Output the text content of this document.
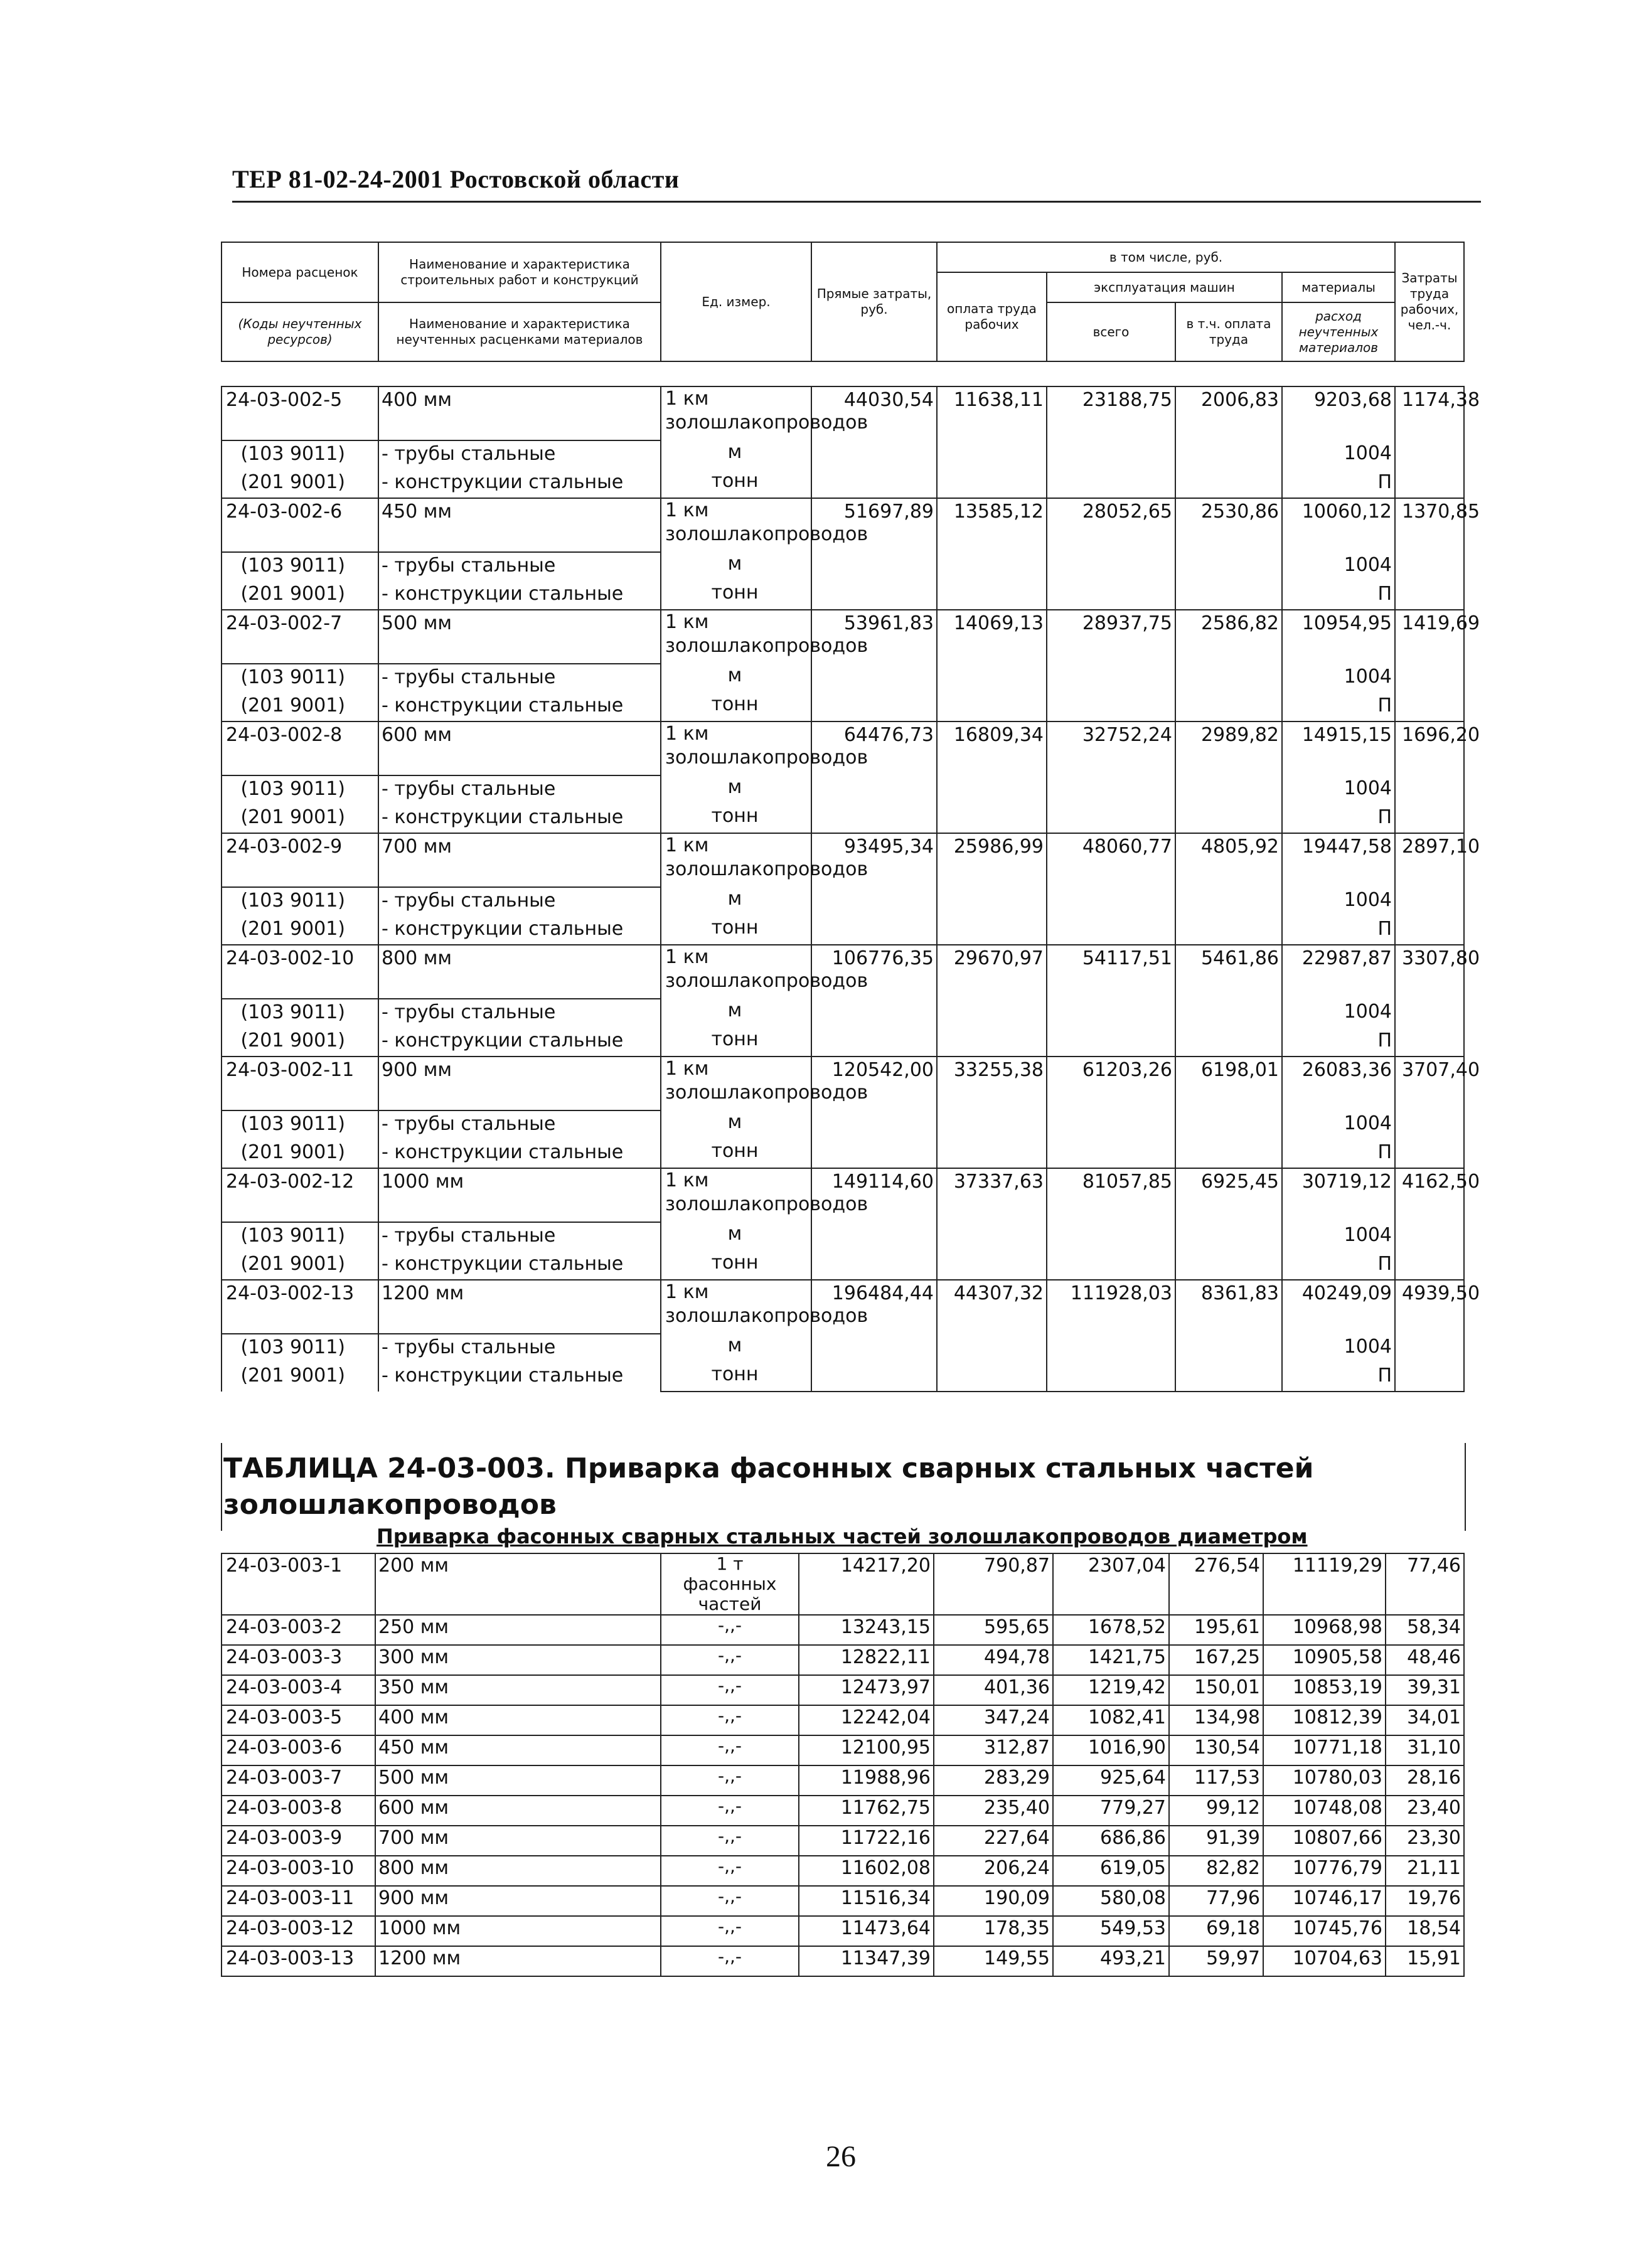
ТЕР 81-02-24-2001 Ростовской области
Номера расценок	Наименование и характеристика строительных работ и конструкций	Ед. измер.	Прямые затраты, руб.	в том числе, руб.				Затраты труда рабочих, чел.-ч.
				оплата труда рабочих	эксплуатация машин		материалы	
(Коды неучтенных ресурсов)	Наименование и характеристика неучтенных расценками материалов				всего	в т.ч. оплата труда	расход неучтенных материалов	

24-03-002-5	400 мм	1 км золошлакопроводов	44030,54	11638,11	23188,75	2006,83	9203,68	1174,38
(103 9011)	- трубы стальные	м					1004	
(201 9001)	- конструкции стальные	тонн					П	
24-03-002-6	450 мм	1 км золошлакопроводов	51697,89	13585,12	28052,65	2530,86	10060,12	1370,85
(103 9011)	- трубы стальные	м					1004	
(201 9001)	- конструкции стальные	тонн					П	
24-03-002-7	500 мм	1 км золошлакопроводов	53961,83	14069,13	28937,75	2586,82	10954,95	1419,69
(103 9011)	- трубы стальные	м					1004	
(201 9001)	- конструкции стальные	тонн					П	
24-03-002-8	600 мм	1 км золошлакопроводов	64476,73	16809,34	32752,24	2989,82	14915,15	1696,20
(103 9011)	- трубы стальные	м					1004	
(201 9001)	- конструкции стальные	тонн					П	
24-03-002-9	700 мм	1 км золошлакопроводов	93495,34	25986,99	48060,77	4805,92	19447,58	2897,10
(103 9011)	- трубы стальные	м					1004	
(201 9001)	- конструкции стальные	тонн					П	
24-03-002-10	800 мм	1 км золошлакопроводов	106776,35	29670,97	54117,51	5461,86	22987,87	3307,80
(103 9011)	- трубы стальные	м					1004	
(201 9001)	- конструкции стальные	тонн					П	
24-03-002-11	900 мм	1 км золошлакопроводов	120542,00	33255,38	61203,26	6198,01	26083,36	3707,40
(103 9011)	- трубы стальные	м					1004	
(201 9001)	- конструкции стальные	тонн					П	
24-03-002-12	1000 мм	1 км золошлакопроводов	149114,60	37337,63	81057,85	6925,45	30719,12	4162,50
(103 9011)	- трубы стальные	м					1004	
(201 9001)	- конструкции стальные	тонн					П	
24-03-002-13	1200 мм	1 км золошлакопроводов	196484,44	44307,32	111928,03	8361,83	40249,09	4939,50
(103 9011)	- трубы стальные	м					1004	
(201 9001)	- конструкции стальные	тонн					П	
ТАБЛИЦА 24-03-003. Приварка фасонных сварных стальных частей золошлакопроводов
Приварка фасонных сварных стальных частей золошлакопроводов диаметром
24-03-003-1	200 мм	1 т фасонных частей	14217,20	790,87	2307,04	276,54	11119,29	77,46
24-03-003-2	250 мм	-,,-	13243,15	595,65	1678,52	195,61	10968,98	58,34
24-03-003-3	300 мм	-,,-	12822,11	494,78	1421,75	167,25	10905,58	48,46
24-03-003-4	350 мм	-,,-	12473,97	401,36	1219,42	150,01	10853,19	39,31
24-03-003-5	400 мм	-,,-	12242,04	347,24	1082,41	134,98	10812,39	34,01
24-03-003-6	450 мм	-,,-	12100,95	312,87	1016,90	130,54	10771,18	31,10
24-03-003-7	500 мм	-,,-	11988,96	283,29	925,64	117,53	10780,03	28,16
24-03-003-8	600 мм	-,,-	11762,75	235,40	779,27	99,12	10748,08	23,40
24-03-003-9	700 мм	-,,-	11722,16	227,64	686,86	91,39	10807,66	23,30
24-03-003-10	800 мм	-,,-	11602,08	206,24	619,05	82,82	10776,79	21,11
24-03-003-11	900 мм	-,,-	11516,34	190,09	580,08	77,96	10746,17	19,76
24-03-003-12	1000 мм	-,,-	11473,64	178,35	549,53	69,18	10745,76	18,54
24-03-003-13	1200 мм	-,,-	11347,39	149,55	493,21	59,97	10704,63	15,91
26
